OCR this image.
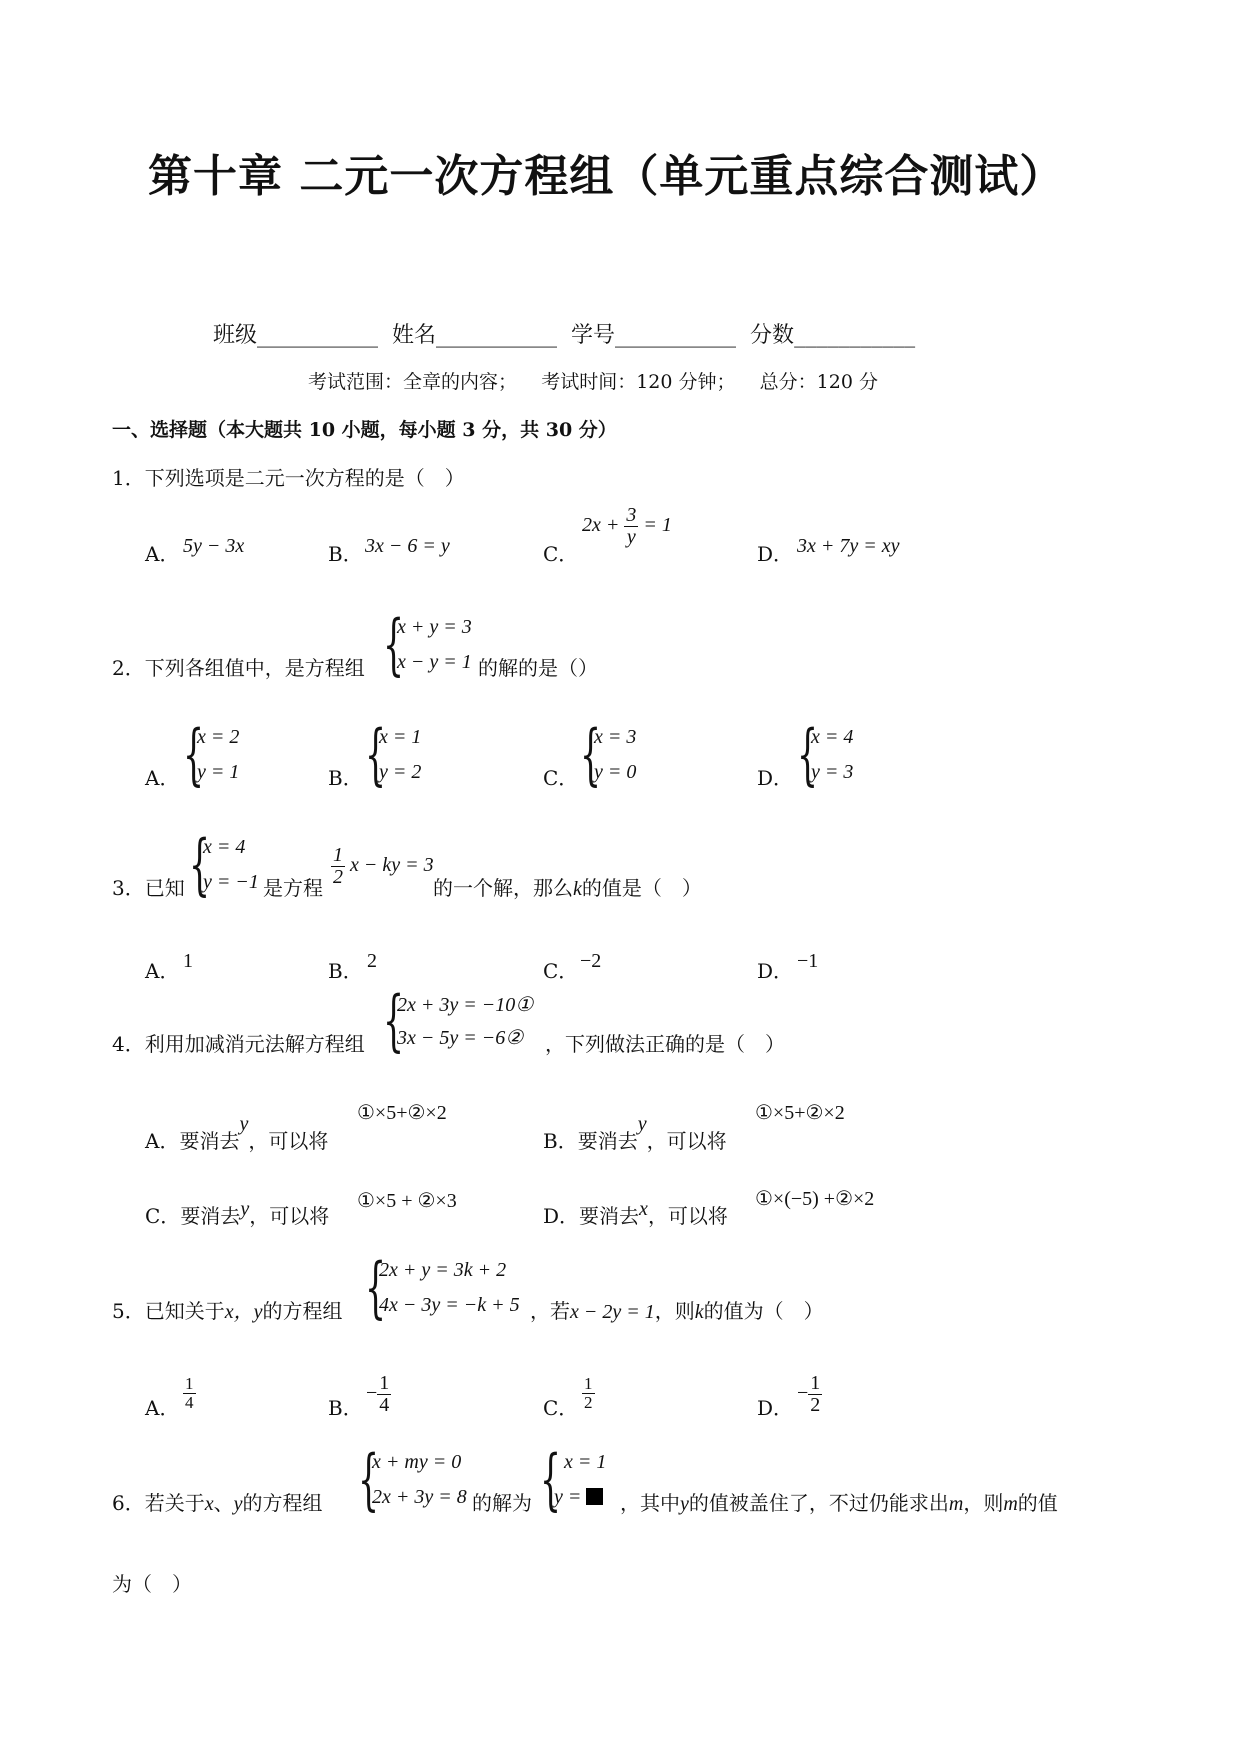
第十章 二元一次方程组（单元重点综合测试）
班级___________ 姓名___________ 学号___________ 分数___________
考试范围：全章的内容； 考试时间：120 分钟； 总分：120 分
一、选择题（本大题共 10 小题，每小题 3 分，共 30 分）
1．下列选项是二元一次方程的是（　）
A． 5y − 3x	B． 3x − 6 = y	C．
$2x + \frac{3}{y} = 1$
D． 3x + 7y = xy
2．下列各组值中，是方程组 {
x + y = 3
x − y = 1 的解的是（）
A． {
x = 2
y = 1	B． {
x = 1
y = 2	C． {
x = 3
y = 0	D． {
x = 4
y = 3
3．已知 {
x = 4
y = −1 是方程 $\frac{1}{2}$ x − ky = 3
的一个解，那么k的值是（　）
A． 1	B． 2	C． −2	D． −1
4．利用加减消元法解方程组 {
2x + 3y = −10①
3x − 5y = −6②	，下列做法正确的是（　）
A．要消去y，可以将
①×5+②×2
B．要消去y，可以将
①×5+②×2
C．要消去y，可以将
①×5 + ②×3
D．要消去x，可以将
①×(−5) +②×2
5．已知关于x，y的方程组 {
2x + y = 3k + 2
4x − 3y = −k + 5 ，若x − 2y = 1，则k的值为（　）
A． $\frac{1}{4}$	B．
− $\frac{1}{4}$	C． $\frac{1}{2}$	D．
− $\frac{1}{2}$
6．若关于x、y的方程组 {
x + my = 0
2x + 3y = 8 的解为 { x = 1
y =	，其中y的值被盖住了，不过仍能求出m，则m的值
为（　）
